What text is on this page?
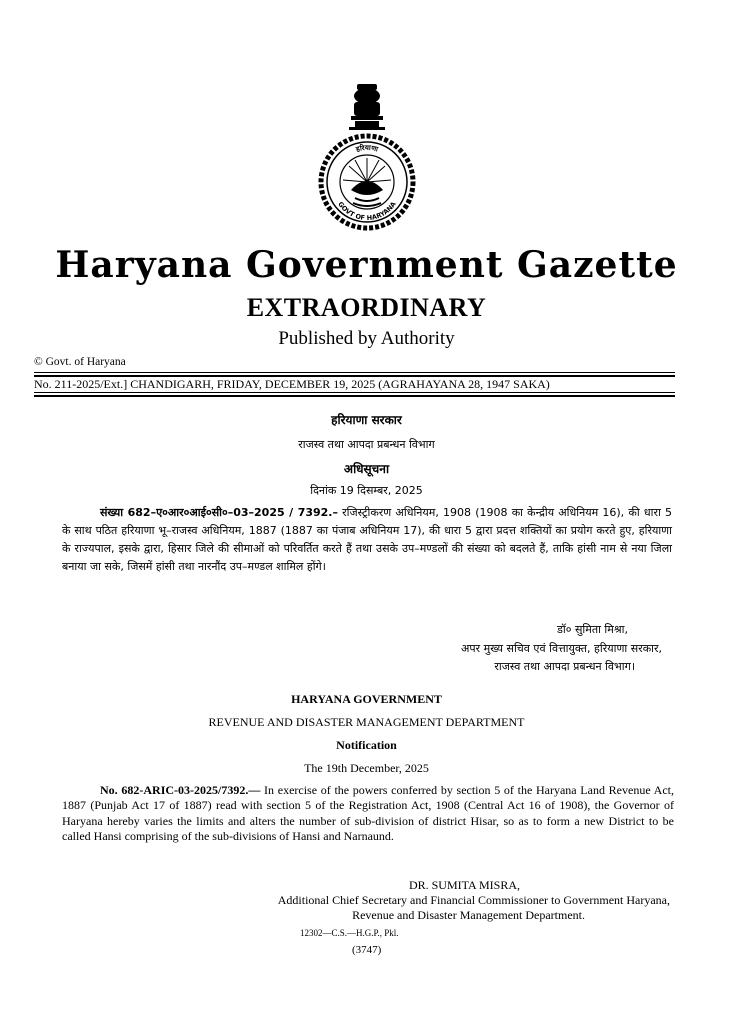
हरियाणा
GOVT OF HARYANA
Haryana Government Gazette
EXTRAORDINARY
Published by Authority
© Govt. of Haryana
No. 211-2025/Ext.] CHANDIGARH, FRIDAY, DECEMBER 19, 2025 (AGRAHAYANA 28, 1947 SAKA)
हरियाणा सरकार
राजस्व तथा आपदा प्रबन्धन विभाग
अधिसूचना
दिनांक 19 दिसम्बर, 2025
संख्या 682–ए०आर०आई०सी०–03–2025 / 7392.– रजिस्ट्रीकरण अधिनियम, 1908 (1908 का केन्द्रीय अधिनियम 16), की धारा 5 के साथ पठित हरियाणा भू–राजस्व अधिनियम, 1887 (1887 का पंजाब अधिनियम 17), की धारा 5 द्वारा प्रदत्त शक्तियों का प्रयोग करते हुए, हरियाणा के राज्यपाल, इसके द्वारा, हिसार जिले की सीमाओं को परिवर्तित करते हैं तथा उसके उप–मण्डलों की संख्या को बदलते हैं, ताकि हांसी नाम से नया जिला बनाया जा सके, जिसमें हांसी तथा नारनौंद उप–मण्डल शामिल होंगे।
डॉ० सुमिता मिश्रा,
अपर मुख्य सचिव एवं वित्तायुक्त, हरियाणा सरकार,
राजस्व तथा आपदा प्रबन्धन विभाग।
HARYANA GOVERNMENT
REVENUE AND DISASTER MANAGEMENT DEPARTMENT
Notification
The 19th December, 2025
No. 682-ARIC-03-2025/7392.— In exercise of the powers conferred by section 5 of the Haryana Land Revenue Act, 1887 (Punjab Act 17 of 1887) read with section 5 of the Registration Act, 1908 (Central Act 16 of 1908), the Governor of Haryana hereby varies the limits and alters the number of sub-division of district Hisar, so as to form a new District to be called Hansi comprising of the sub-divisions of Hansi and Narnaund.
DR. SUMITA MISRA,
Additional Chief Secretary and Financial Commissioner to Government Haryana,
Revenue and Disaster Management Department.
12302—C.S.—H.G.P., Pkl.
(3747)
